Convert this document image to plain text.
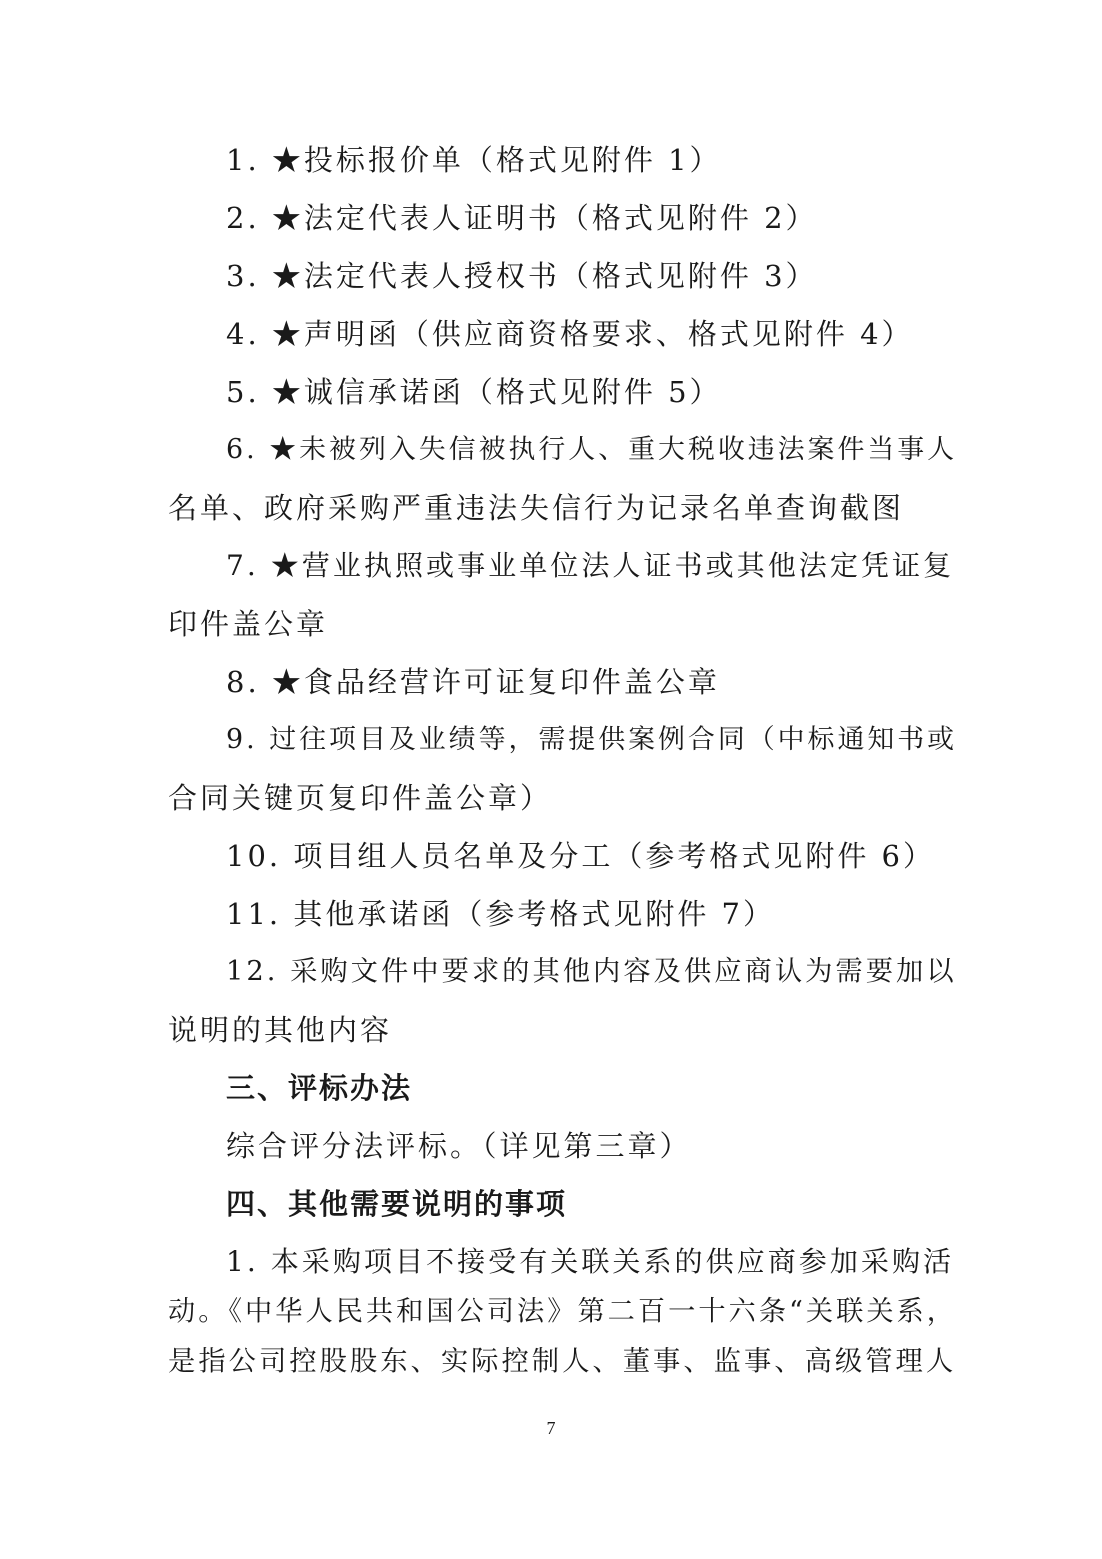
1. ★投标报价单（格式见附件 1）
2. ★法定代表人证明书（格式见附件 2）
3. ★法定代表人授权书（格式见附件 3）
4. ★声明函（供应商资格要求、格式见附件 4）
5. ★诚信承诺函（格式见附件 5）
6. ★未被列入失信被执行人、重大税收违法案件当事人
名单、政府采购严重违法失信行为记录名单查询截图
7. ★营业执照或事业单位法人证书或其他法定凭证复
印件盖公章
8. ★食品经营许可证复印件盖公章
9. 过往项目及业绩等，需提供案例合同（中标通知书或
合同关键页复印件盖公章）
10. 项目组人员名单及分工（参考格式见附件 6）
11. 其他承诺函（参考格式见附件 7）
12. 采购文件中要求的其他内容及供应商认为需要加以
说明的其他内容
三、评标办法
综合评分法评标。（详见第三章）
四、其他需要说明的事项
1. 本采购项目不接受有关联关系的供应商参加采购活
动。《中华人民共和国公司法》第二百一十六条“关联关系，
是指公司控股股东、实际控制人、董事、监事、高级管理人
7
